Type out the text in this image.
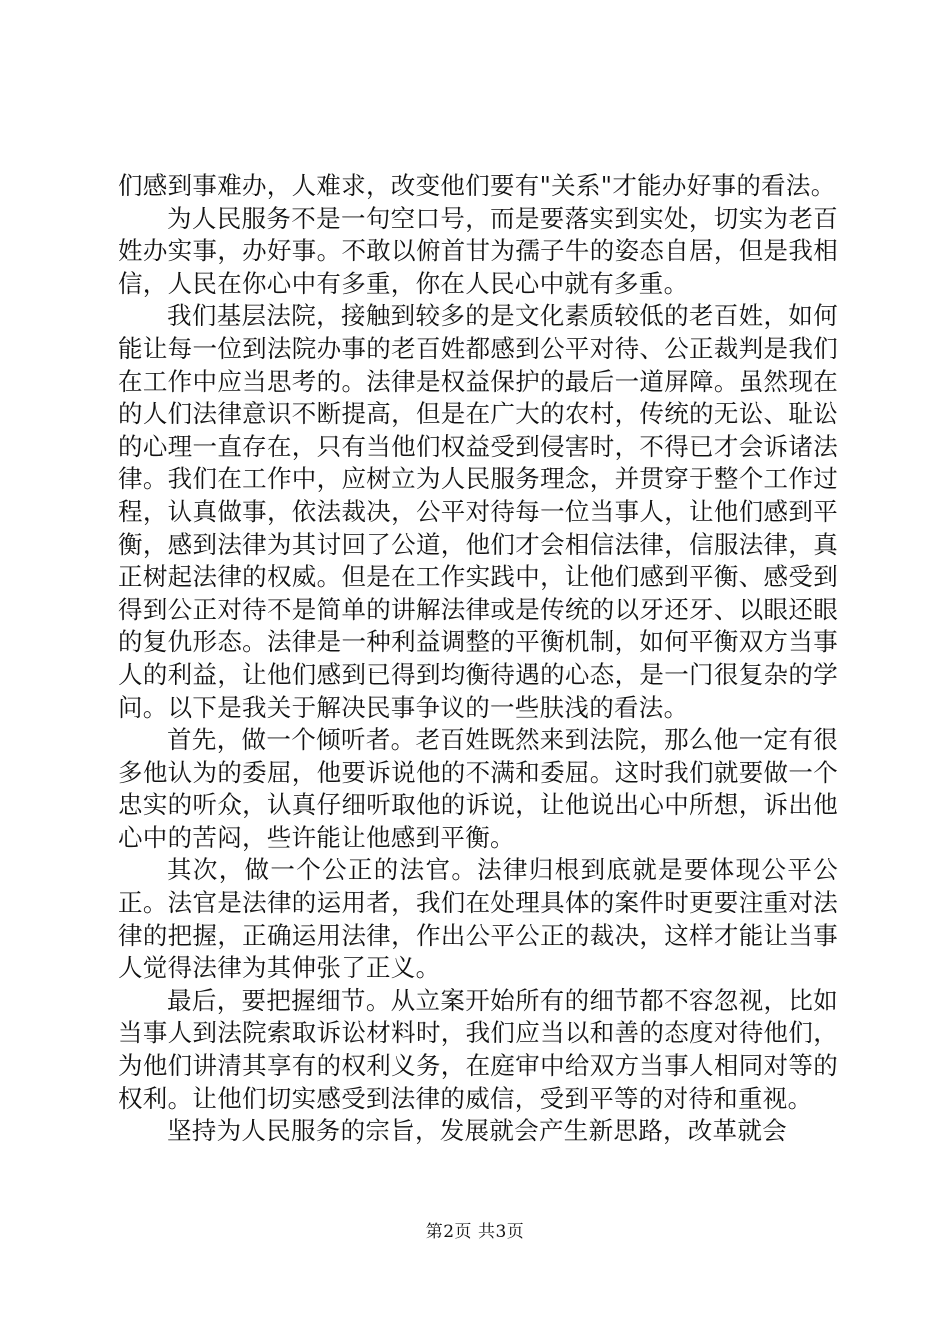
们感到事难办，人难求，改变他们要有"关系"才能办好事的看法。

为人民服务不是一句空口号，而是要落实到实处，切实为老百姓办实事，办好事。不敢以俯首甘为孺子牛的姿态自居，但是我相信，人民在你心中有多重，你在人民心中就有多重。

我们基层法院，接触到较多的是文化素质较低的老百姓，如何能让每一位到法院办事的老百姓都感到公平对待、公正裁判是我们在工作中应当思考的。法律是权益保护的最后一道屏障。虽然现在的人们法律意识不断提高，但是在广大的农村，传统的无讼、耻讼的心理一直存在，只有当他们权益受到侵害时，不得已才会诉诸法律。我们在工作中，应树立为人民服务理念，并贯穿于整个工作过程，认真做事，依法裁决，公平对待每一位当事人，让他们感到平衡，感到法律为其讨回了公道，他们才会相信法律，信服法律，真正树起法律的权威。但是在工作实践中，让他们感到平衡、感受到得到公正对待不是简单的讲解法律或是传统的以牙还牙、以眼还眼的复仇形态。法律是一种利益调整的平衡机制，如何平衡双方当事人的利益，让他们感到已得到均衡待遇的心态，是一门很复杂的学问。以下是我关于解决民事争议的一些肤浅的看法。

首先，做一个倾听者。老百姓既然来到法院，那么他一定有很多他认为的委屈，他要诉说他的不满和委屈。这时我们就要做一个忠实的听众，认真仔细听取他的诉说，让他说出心中所想，诉出他心中的苦闷，些许能让他感到平衡。

其次，做一个公正的法官。法律归根到底就是要体现公平公正。法官是法律的运用者，我们在处理具体的案件时更要注重对法律的把握，正确运用法律，作出公平公正的裁决，这样才能让当事人觉得法律为其伸张了正义。

最后，要把握细节。从立案开始所有的细节都不容忽视，比如当事人到法院索取诉讼材料时，我们应当以和善的态度对待他们，为他们讲清其享有的权利义务，在庭审中给双方当事人相同对等的权利。让他们切实感受到法律的威信，受到平等的对待和重视。

坚持为人民服务的宗旨，发展就会产生新思路，改革就会

第2页 共3页
